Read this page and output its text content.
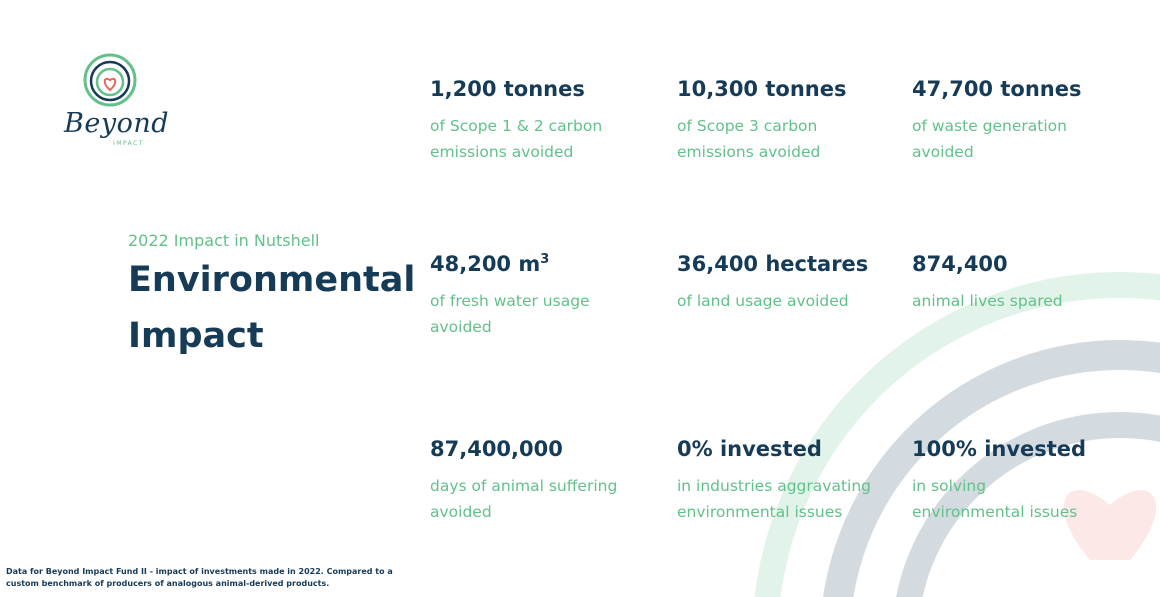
Beyond
IMPACT
2022 Impact in Nutshell
Environmental Impact
1,200 tonnes
of Scope 1 & 2 carbon
emissions avoided
10,300 tonnes
of Scope 3 carbon
emissions avoided
47,700 tonnes
of waste generation
avoided
48,200 $m^3$
of fresh water usage
avoided
36,400 hectares
of land usage avoided
874,400
animal lives spared
87,400,000
days of animal suffering
avoided
0% invested
in industries aggravating
environmental issues
100% invested
in solving
environmental issues
Data for Beyond Impact Fund II - impact of investments made in 2022. Compared to a custom benchmark of producers of analogous animal-derived products.
